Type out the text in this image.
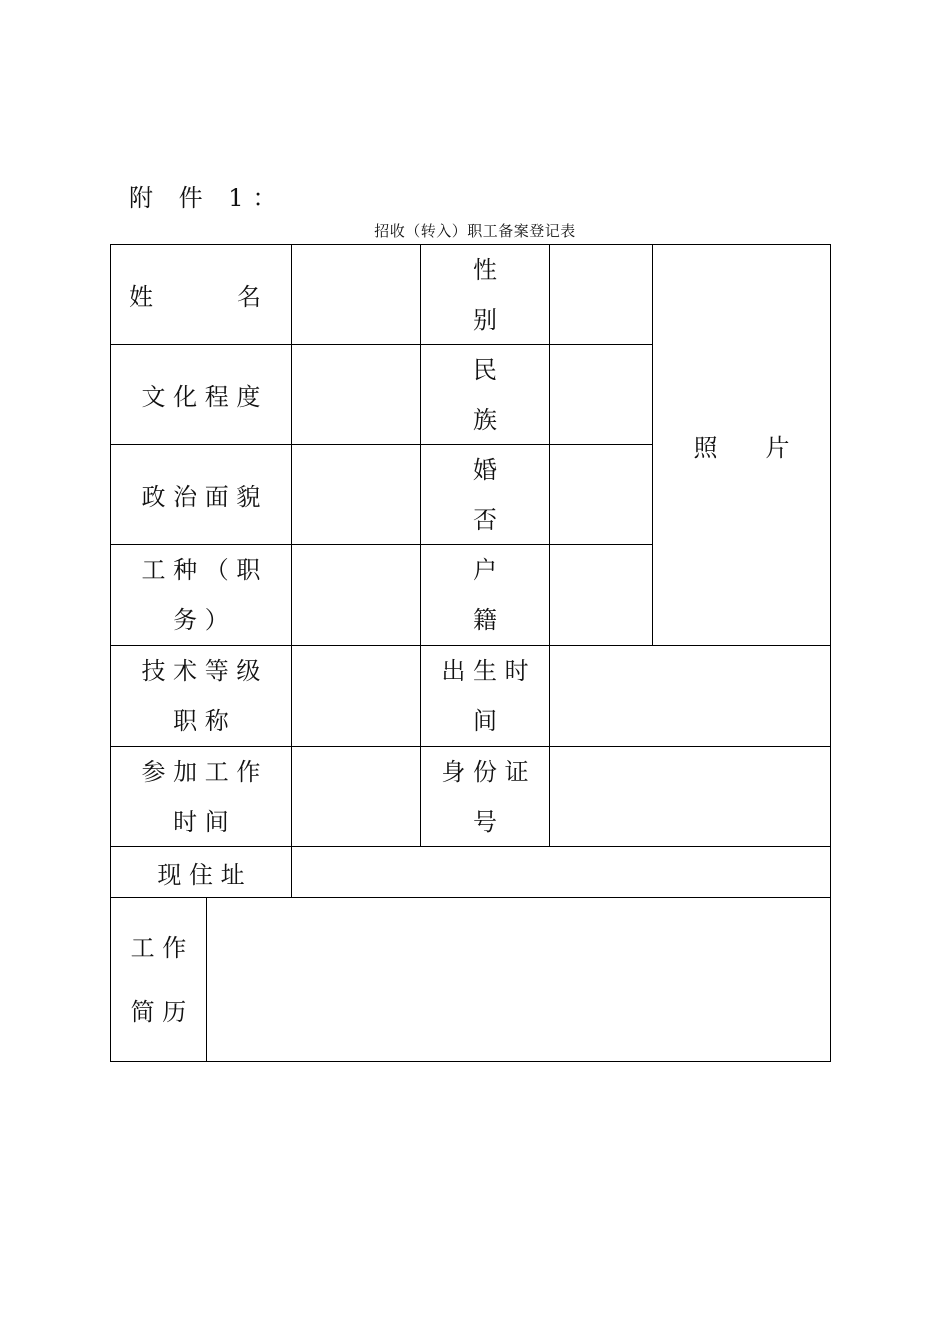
附 件 1：
招收（转入）职工备案登记表
姓　　名
性
别
照　　片
文 化 程 度
民
族
政 治 面 貌
婚
否
工 种 （ 职
务 ）
户
籍
技 术 等 级
职 称
出 生 时
间
参 加 工 作
时 间
身 份 证
号
现 住 址
工 作
简 历
